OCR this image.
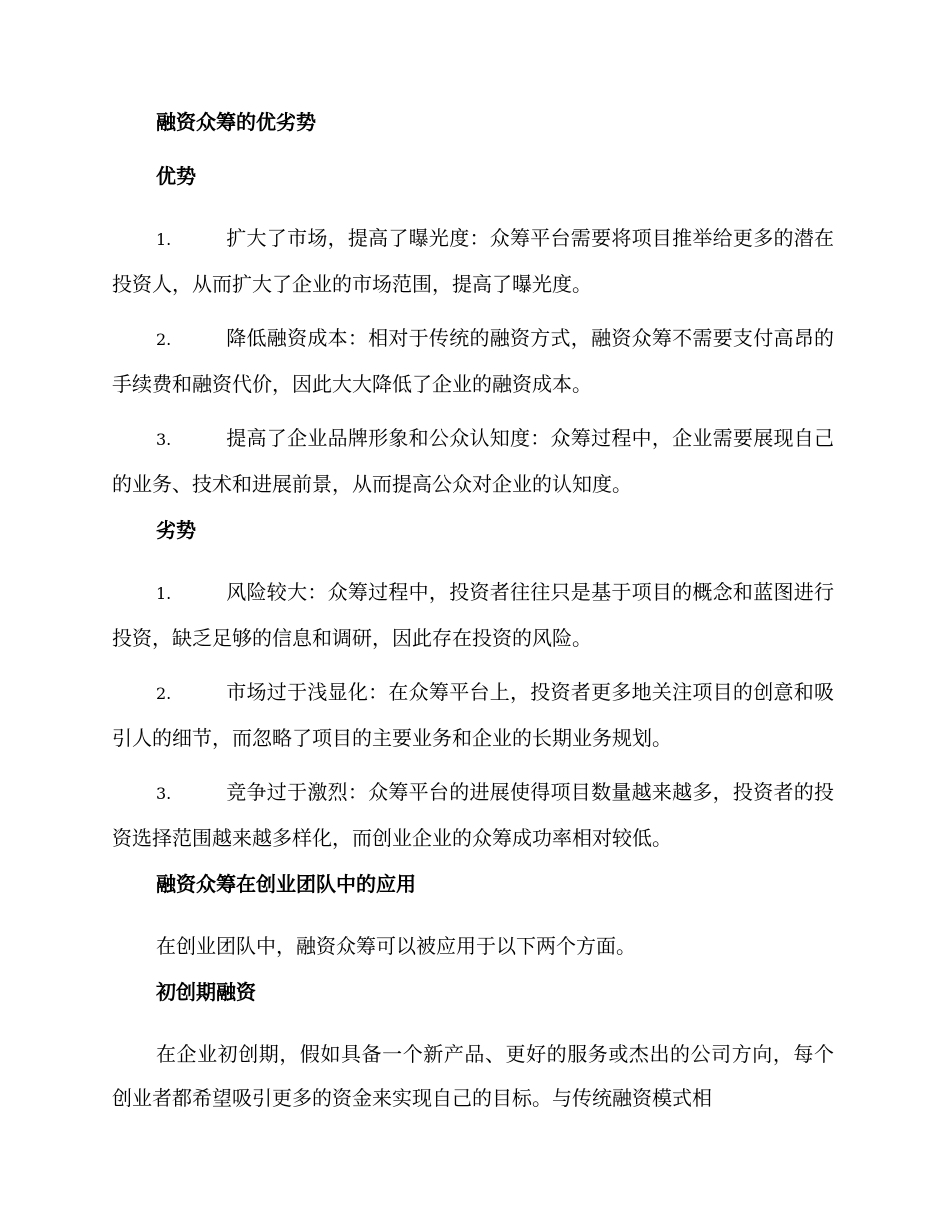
融资众筹的优劣势
优势
1.	扩大了市场，提高了曝光度：众筹平台需要将项目推举给更多的潜在投资人，从而扩大了企业的市场范围，提高了曝光度。
2.	降低融资成本：相对于传统的融资方式，融资众筹不需要支付高昂的手续费和融资代价，因此大大降低了企业的融资成本。
3.	提高了企业品牌形象和公众认知度：众筹过程中，企业需要展现自己的业务、技术和进展前景，从而提高公众对企业的认知度。
劣势
1.	风险较大：众筹过程中，投资者往往只是基于项目的概念和蓝图进行投资，缺乏足够的信息和调研，因此存在投资的风险。
2.	市场过于浅显化：在众筹平台上，投资者更多地关注项目的创意和吸引人的细节，而忽略了项目的主要业务和企业的长期业务规划。
3.	竞争过于激烈：众筹平台的进展使得项目数量越来越多，投资者的投资选择范围越来越多样化，而创业企业的众筹成功率相对较低。
融资众筹在创业团队中的应用
在创业团队中，融资众筹可以被应用于以下两个方面。
初创期融资
在企业初创期，假如具备一个新产品、更好的服务或杰出的公司方向，每个创业者都希望吸引更多的资金来实现自己的目标。与传统融资模式相
